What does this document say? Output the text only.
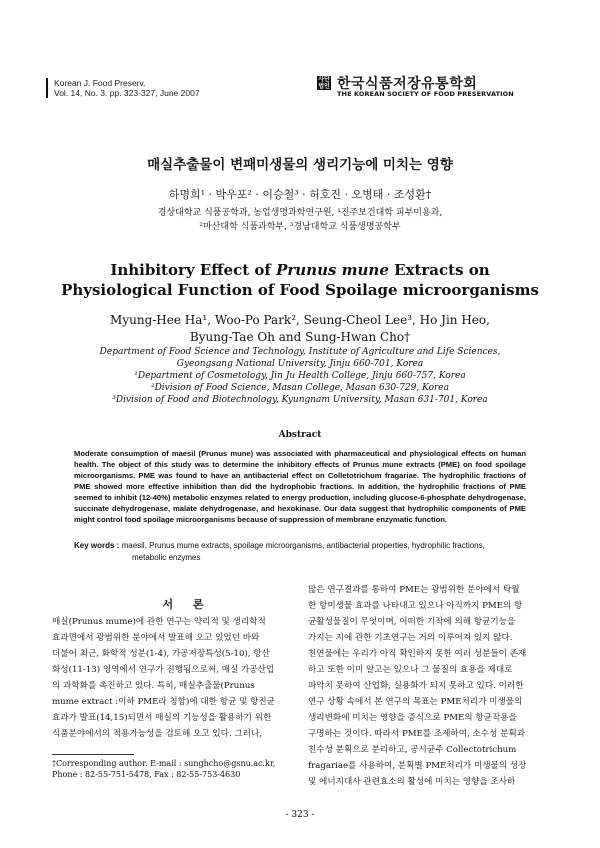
Korean J. Food Preserv.
Vol. 14, No. 3. pp. 323-327, June 2007
사단법인 한국식품저장유통학회
THE KOREAN SOCIETY OF FOOD PRESERVATION
매실추출물이 변패미생물의 생리기능에 미치는 영향
하명희¹ · 박우포² · 이승철³ · 허호진 · 오병태 · 조성환†
경상대학교 식품공학과, 농업생명과학연구원, ¹진주보건대학 피부미용과,
²마산대학 식품과학부, ³경남대학교 식품생명공학부
Inhibitory Effect of Prunus mune Extracts on
Physiological Function of Food Spoilage microorganisms
Myung-Hee Ha¹, Woo-Po Park², Seung-Cheol Lee³, Ho Jin Heo,
Byung-Tae Oh and Sung-Hwan Cho†
Department of Food Science and Technology, Institute of Agriculture and Life Sciences,
Gyeongsang National University, Jinju 660-701, Korea
¹Department of Cosmetology, Jin Ju Health College, Jinju 660-757, Korea
²Division of Food Science, Masan College, Masan 630-729, Korea
³Division of Food and Biotechnology, Kyungnam University, Masan 631-701, Korea
Abstract
Moderate consumption of maesil (Prunus mune) was associated with pharmaceutical and physiological effects on human health. The object of this study was to determine the inhibitory effects of Prunus mune extracts (PME) on food spoilage microorganisms. PME was found to have an antibacterial effect on Colletotrichum fragariae. The hydrophilic fractions of PME showed more effective inhibition than did the hydrophobic fractions. In addition, the hydrophilic fractions of PME seemed to inhibit (12-40%) metabolic enzymes related to energy production, including glucose-6-phosphate dehydrogenase, succinate dehydrogenase, malate dehydrogenase, and hexokinase. Our data suggest that hydrophilic components of PME might control food spoilage microorganisms because of suppression of membrane enzymatic function.
Key words : maesil, Prunus mume extracts, spoilage microorganisms, antibacterial properties, hydrophilic fractions,
metabolic enzymes
서 론
매실(Prunus mume)에 관한 연구는 약리적 및 생리학적
효과면에서 광범위한 분야에서 발표해 오고 있었던 바와
더불어 최근, 화학적 성분(1-4), 가공저장특성(5-10), 항산
화성(11-13) 영역에서 연구가 진행됨으로써, 매실 가공산업
의 과학화를 촉진하고 있다. 특히, 매실추출물(Prunus
mume extract :이하 PME라 칭함)에 대한 항균 및 항진균
효과가 발표(14,15)되면서 매실의 기능성을 활용하기 위한
식품분야에서의 적용가능성을 검토해 오고 있다. 그러나,
많은 연구결과를 통하여 PME는 광범위한 분야에서 탁월
한 항미생물 효과를 나타내고 있으나 아직까지 PME의 항
균활성물질이 무엇이며, 어떠한 기작에 의해 항균기능을
가지는 지에 관한 기초연구는 거의 이루어져 있지 않다.
천연물에는 우리가 아직 확인하지 못한 여러 성분들이 존재
하고 또한 이미 알고는 있으나 그 물질의 효용을 제대로
파악치 못하여 산업화, 실용화가 되지 못하고 있다. 이러한
연구 상황 속에서 본 연구의 목표는 PME처리가 미생물의
생리변화에 미치는 영향을 증식으로 PME의 항균작용을
구명하는 것이다. 따라서 PME를 조제하여, 소수성 분획과
친수성 분획으로 분리하고, 공시균주 Collectotrichum
fragariae를 사용하여, 분획별 PME처리가 미생물의 성장
및 에너지대사 관련효소의 활성에 미치는 영향을 조사하
†Corresponding author. E-mail : sunghcho@gsnu.ac.kr,
Phone : 82-55-751-5478, Fax : 82-55-753-4630
- 323 -
